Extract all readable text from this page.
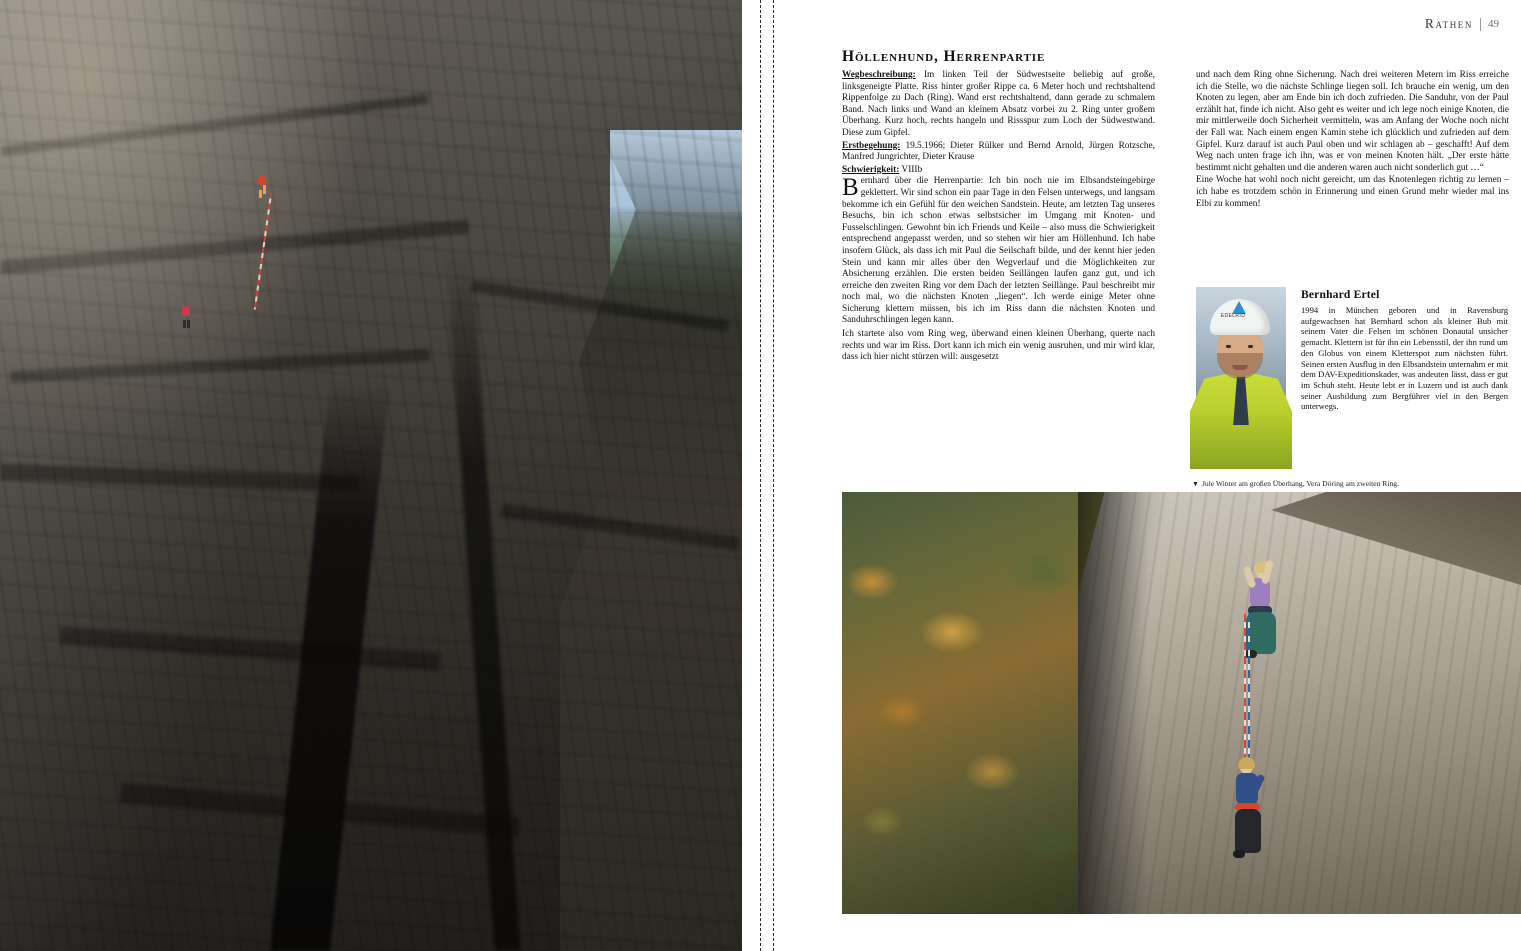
Rathen 49
Höllenhund, Herrenpartie

Wegbeschreibung: Im linken Teil der Südwestseite beliebig auf große, linksgeneigte Platte. Riss hinter großer Rippe ca. 6 Meter hoch und rechtshaltend Rippenfolge zu Dach (Ring). Wand erst rechtshaltend, dann gerade zu schmalem Band. Nach links und Wand an kleinem Absatz vorbei zu 2. Ring unter großem Überhang. Kurz hoch, rechts hangeln und Rissspur zum Loch der Südwestwand. Diese zum Gipfel.

Erstbegehung: 19.5.1966; Dieter Rülker und Bernd Arnold, Jürgen Rotzsche, Manfred Jungrichter, Dieter Krause

Schwierigkeit: VIIIb

Bernhard über die Herrenpartie: Ich bin noch nie im Elbsandsteingebirge geklettert. Wir sind schon ein paar Tage in den Felsen unterwegs, und langsam bekomme ich ein Gefühl für den weichen Sandstein. Heute, am letzten Tag unseres Besuchs, bin ich schon etwas selbstsicher im Umgang mit Knoten- und Fusselschlingen. Gewohnt bin ich Friends und Keile – also muss die Schwierigkeit entsprechend angepasst werden, und so stehen wir hier am Höllenhund. Ich habe insofern Glück, als dass ich mit Paul die Seilschaft bilde, und der kennt hier jeden Stein und kann mir alles über den Wegverlauf und die Möglichkeiten zur Absicherung erzählen. Die ersten beiden Seillängen laufen ganz gut, und ich erreiche den zweiten Ring vor dem Dach der letzten Seillänge. Paul beschreibt mir noch mal, wo die nächsten Knoten „liegen“. Ich werde einige Meter ohne Sicherung klettern müssen, bis ich im Riss dann die nächsten Knoten und Sanduhrschlingen legen kann.

Ich startete also vom Ring weg, überwand einen kleinen Überhang, querte nach rechts und war im Riss. Dort kann ich mich ein wenig ausruhen, und mir wird klar, dass ich hier nicht stürzen will: ausgesetzt

und nach dem Ring ohne Sicherung. Nach drei weiteren Metern im Riss erreiche ich die Stelle, wo die nächste Schlinge liegen soll. Ich brauche ein wenig, um den Knoten zu legen, aber am Ende bin ich doch zufrieden. Die Sanduhr, von der Paul erzählt hat, finde ich nicht. Also geht es weiter und ich lege noch einige Knoten, die mir mittlerweile doch Sicherheit vermitteln, was am Anfang der Woche noch nicht der Fall war. Nach einem engen Kamin stehe ich glücklich und zufrieden auf dem Gipfel. Kurz darauf ist auch Paul oben und wir schlagen ab – geschafft! Auf dem Weg nach unten frage ich ihn, was er von meinen Knoten hält. „Der erste hätte bestimmt nicht gehalten und die anderen waren auch nicht sonderlich gut …“

Eine Woche hat wohl noch nicht gereicht, um das Knotenlegen richtig zu lernen – ich habe es trotzdem schön in Erinnerung und einen Grund mehr wieder mal ins Elbi zu kommen!

EDELRID
Bernhard Ertel
1994 in München geboren und in Ravensburg aufgewachsen hat Bernhard schon als kleiner Bub mit seinem Vater die Felsen im schönen Donautal unsicher gemacht. Klettern ist für ihn ein Lebensstil, der ihn rund um den Globus von einem Kletterspot zum nächsten führt. Seinen ersten Ausflug in den Elbsandstein unternahm er mit dem DAV-Expeditionskader, was andeuten lässt, dass er gut im Schuh steht. Heute lebt er in Luzern und ist auch dank seiner Ausbildung zum Bergführer viel in den Bergen unterwegs.
▼ Jule Winter am großen Überhang, Vera Döring am zweiten Ring.
